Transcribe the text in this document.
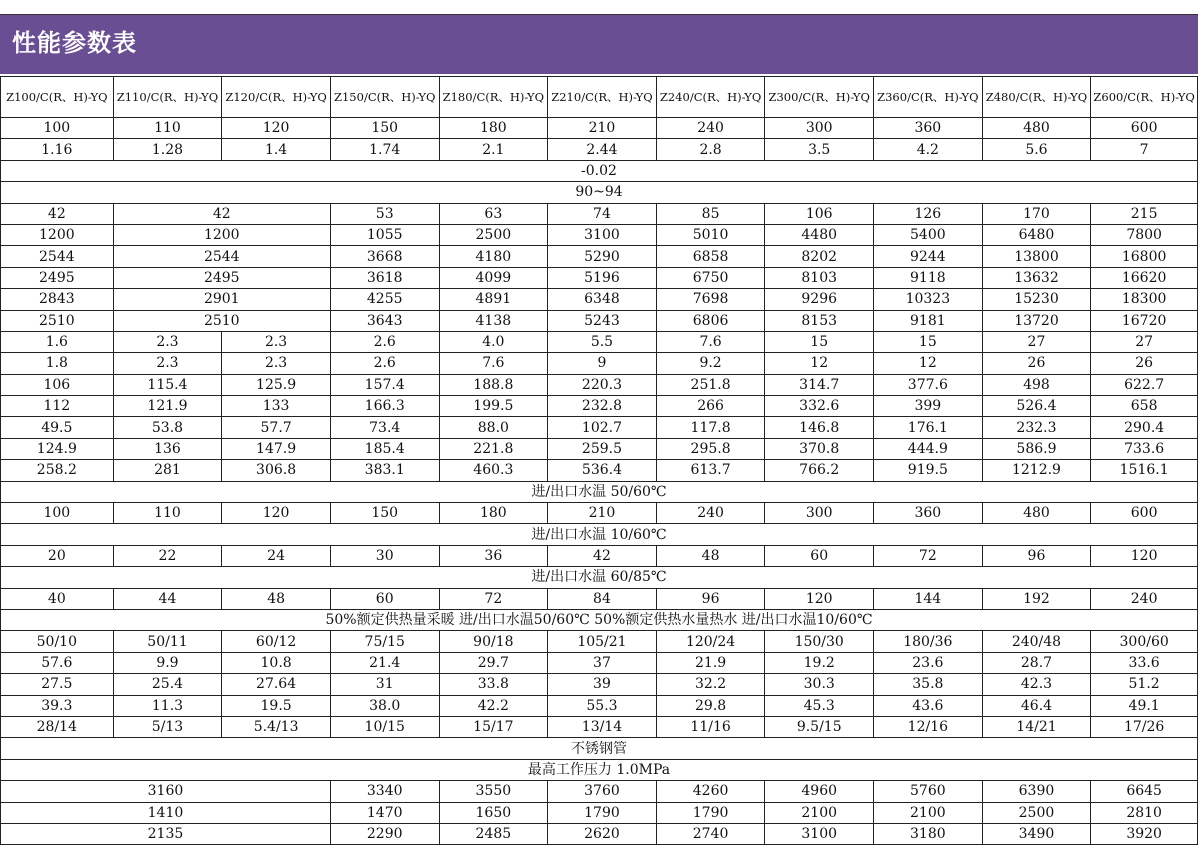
性能参数表
Z100/C(R、H)-YQ	Z110/C(R、H)-YQ	Z120/C(R、H)-YQ	Z150/C(R、H)-YQ	Z180/C(R、H)-YQ	Z210/C(R、H)-YQ	Z240/C(R、H)-YQ	Z300/C(R、H)-YQ	Z360/C(R、H)-YQ	Z480/C(R、H)-YQ	Z600/C(R、H)-YQ
100	110	120	150	180	210	240	300	360	480	600
1.16	1.28	1.4	1.74	2.1	2.44	2.8	3.5	4.2	5.6	7
-0.02										
90~94										
42	42		53	63	74	85	106	126	170	215
1200	1200		1055	2500	3100	5010	4480	5400	6480	7800
2544	2544		3668	4180	5290	6858	8202	9244	13800	16800
2495	2495		3618	4099	5196	6750	8103	9118	13632	16620
2843	2901		4255	4891	6348	7698	9296	10323	15230	18300
2510	2510		3643	4138	5243	6806	8153	9181	13720	16720
1.6	2.3	2.3	2.6	4.0	5.5	7.6	15	15	27	27
1.8	2.3	2.3	2.6	7.6	9	9.2	12	12	26	26
106	115.4	125.9	157.4	188.8	220.3	251.8	314.7	377.6	498	622.7
112	121.9	133	166.3	199.5	232.8	266	332.6	399	526.4	658
49.5	53.8	57.7	73.4	88.0	102.7	117.8	146.8	176.1	232.3	290.4
124.9	136	147.9	185.4	221.8	259.5	295.8	370.8	444.9	586.9	733.6
258.2	281	306.8	383.1	460.3	536.4	613.7	766.2	919.5	1212.9	1516.1
进/出口水温 50/60℃										
100	110	120	150	180	210	240	300	360	480	600
进/出口水温 10/60℃										
20	22	24	30	36	42	48	60	72	96	120
进/出口水温 60/85℃										
40	44	48	60	72	84	96	120	144	192	240
50%额定供热量采暖 进/出口水温50/60℃ 50%额定供热水量热水 进/出口水温10/60℃										
50/10	50/11	60/12	75/15	90/18	105/21	120/24	150/30	180/36	240/48	300/60
57.6	9.9	10.8	21.4	29.7	37	21.9	19.2	23.6	28.7	33.6
27.5	25.4	27.64	31	33.8	39	32.2	30.3	35.8	42.3	51.2
39.3	11.3	19.5	38.0	42.2	55.3	29.8	45.3	43.6	46.4	49.1
28/14	5/13	5.4/13	10/15	15/17	13/14	11/16	9.5/15	12/16	14/21	17/26
不锈钢管										
最高工作压力 1.0MPa										
3160			3340	3550	3760	4260	4960	5760	6390	6645
1410			1470	1650	1790	1790	2100	2100	2500	2810
2135			2290	2485	2620	2740	3100	3180	3490	3920
